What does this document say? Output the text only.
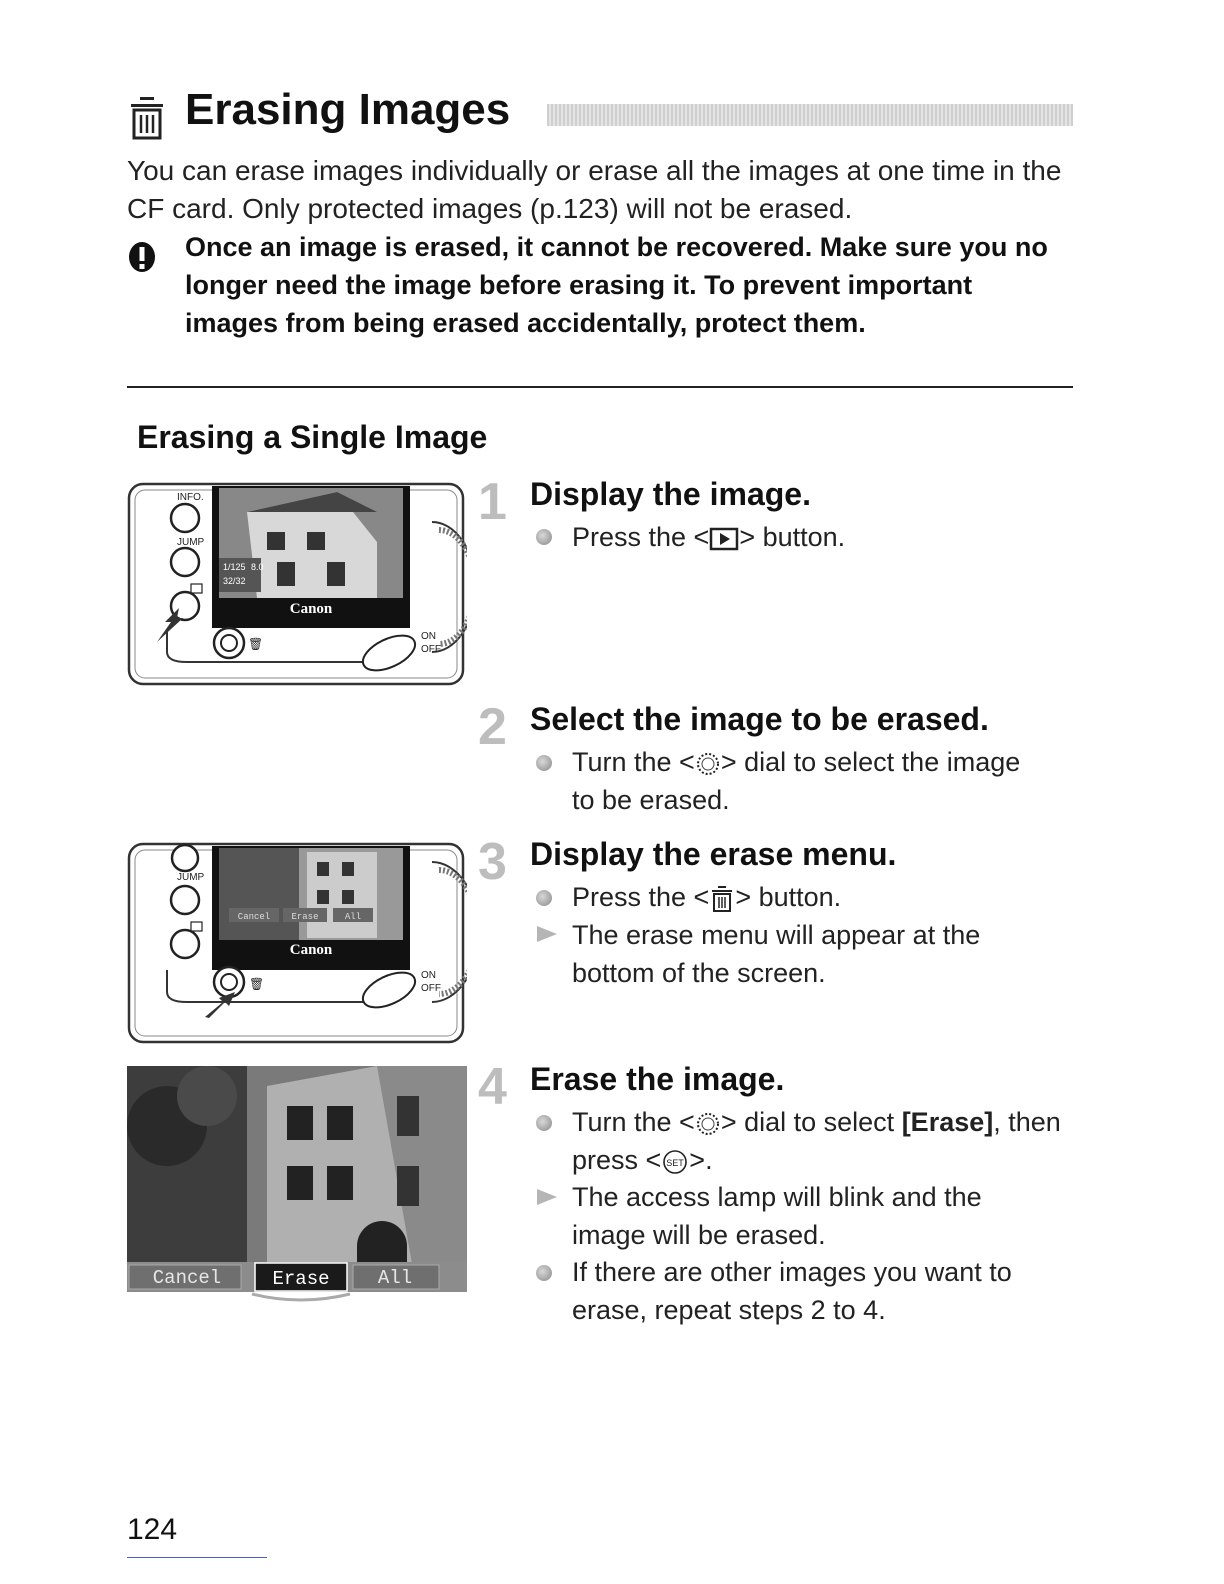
Erasing Images

You can erase images individually or erase all the images at one time in the CF card. Only protected images (p.123) will not be erased.

Once an image is erased, it cannot be recovered. Make sure you no longer need the image before erasing it. To prevent important images from being erased accidentally, protect them.

Erasing a Single Image
INFO.
JUMP
1/125 8.0
32/32
Canon
🗑
ON
OFF
JUMP
Cancel Erase	All
Canon
🗑
ON
OFF
Cancel	Erase	All
1 Display the image.
Press the < > button.
2 Select the image to be erased.
Turn the < > dial to select the image to be erased.
3 Display the erase menu.
Press the < > button.
The erase menu will appear at the bottom of the screen.
4 Erase the image.
Turn the < > dial to select [Erase], then press < SET >.
The access lamp will blink and the image will be erased.
If there are other images you want to erase, repeat steps 2 to 4.
124
